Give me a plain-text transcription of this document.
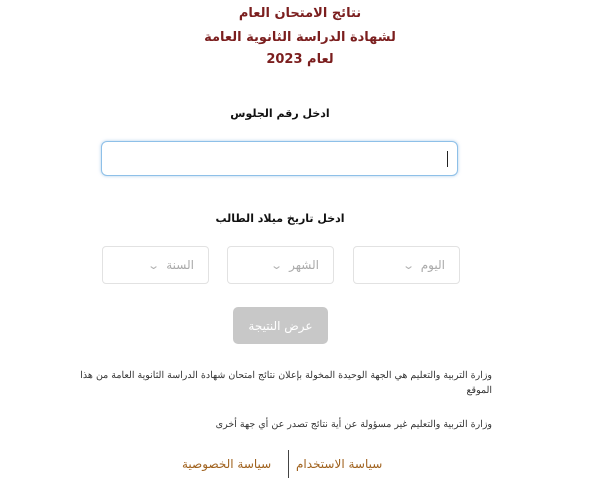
نتائج الامتحان العام

لشهادة الدراسة الثانوية العامة

لعام 2023

ادخل رقم الجلوس
ادخل تاريخ ميلاد الطالب
اليوم
⌄
الشهر
⌄
السنة
⌄
عرض النتيجة
وزارة التربية والتعليم هي الجهة الوحيدة المخولة بإعلان نتائج امتحان شهادة الدراسة الثانوية العامة من هذا الموقع
وزارة التربية والتعليم غير مسؤولة عن أية نتائج تصدر عن أي جهة أخرى
سياسة الاستخدام
سياسة الخصوصية
